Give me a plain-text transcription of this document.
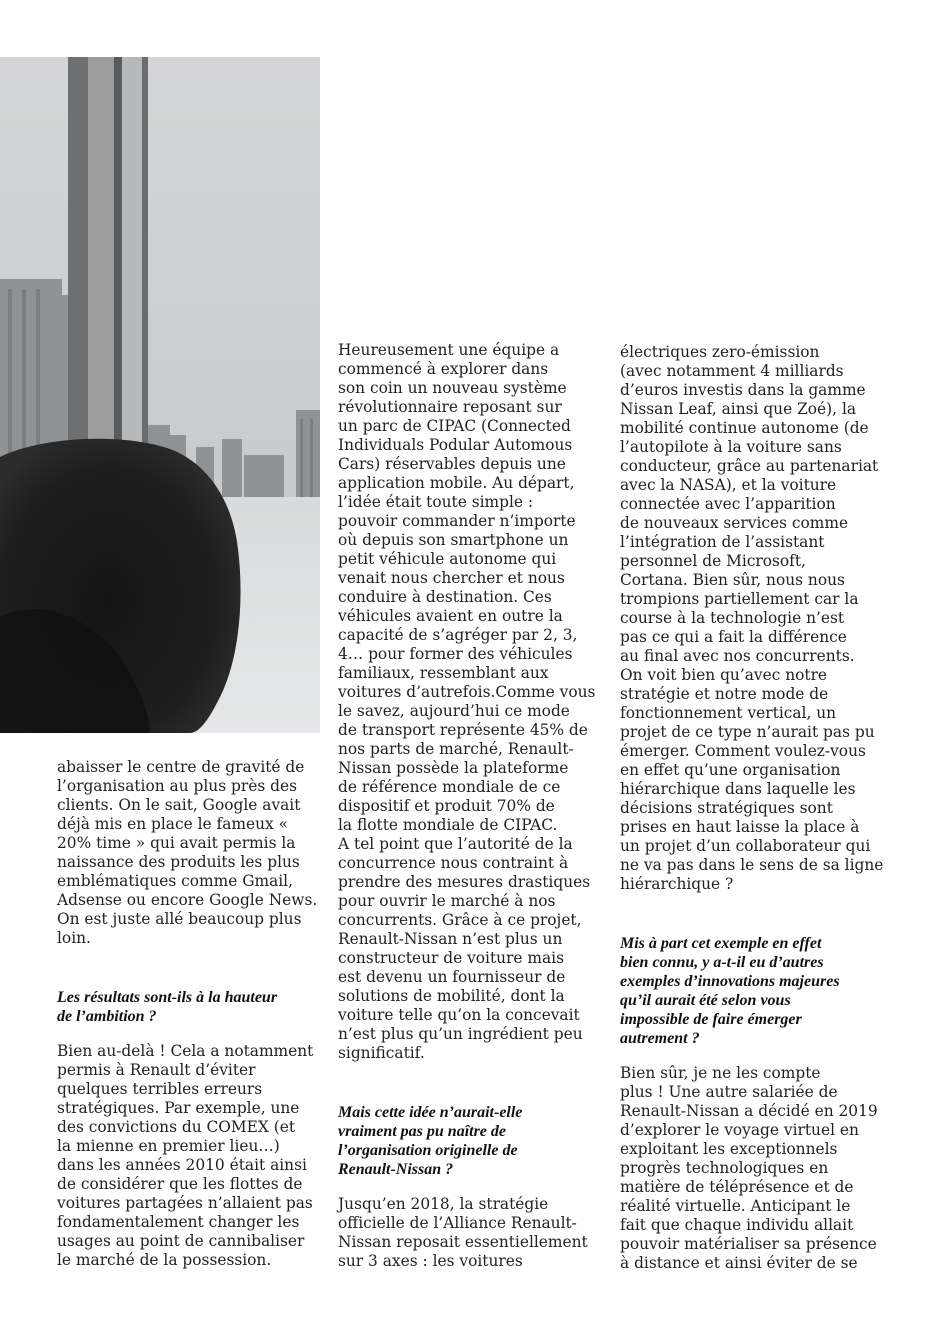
abaisser le centre de gravité de
l’organisation au plus près des
clients. On le sait, Google avait
déjà mis en place le fameux «
20% time » qui avait permis la
naissance des produits les plus
emblématiques comme Gmail,
Adsense ou encore Google News.
On est juste allé beaucoup plus
loin.

Les résultats sont-ils à la hauteur
de l’ambition ?

Bien au-delà ! Cela a notamment
permis à Renault d’éviter
quelques terribles erreurs
stratégiques. Par exemple, une
des convictions du COMEX (et
la mienne en premier lieu…)
dans les années 2010 était ainsi
de considérer que les flottes de
voitures partagées n’allaient pas
fondamentalement changer les
usages au point de cannibaliser
le marché de la possession.

Heureusement une équipe a
commencé à explorer dans
son coin un nouveau système
révolutionnaire reposant sur
un parc de CIPAC (Connected
Individuals Podular Automous
Cars) réservables depuis une
application mobile. Au départ,
l’idée était toute simple :
pouvoir commander n’importe
où depuis son smartphone un
petit véhicule autonome qui
venait nous chercher et nous
conduire à destination. Ces
véhicules avaient en outre la
capacité de s’agréger par 2, 3,
4… pour former des véhicules
familiaux, ressemblant aux
voitures d’autrefois.Comme vous
le savez, aujourd’hui ce mode
de transport représente 45% de
nos parts de marché, Renault-
Nissan possède la plateforme
de référence mondiale de ce
dispositif et produit 70% de
la flotte mondiale de CIPAC.
A tel point que l’autorité de la
concurrence nous contraint à
prendre des mesures drastiques
pour ouvrir le marché à nos
concurrents. Grâce à ce projet,
Renault-Nissan n’est plus un
constructeur de voiture mais
est devenu un fournisseur de
solutions de mobilité, dont la
voiture telle qu’on la concevait
n’est plus qu’un ingrédient peu
significatif.

Mais cette idée n’aurait-elle
vraiment pas pu naître de
l’organisation originelle de
Renault-Nissan ?

Jusqu’en 2018, la stratégie
officielle de l’Alliance Renault-
Nissan reposait essentiellement
sur 3 axes : les voitures

électriques zero-émission
(avec notamment 4 milliards
d’euros investis dans la gamme
Nissan Leaf, ainsi que Zoé), la
mobilité continue autonome (de
l’autopilote à la voiture sans
conducteur, grâce au partenariat
avec la NASA), et la voiture
connectée avec l’apparition
de nouveaux services comme
l’intégration de l’assistant
personnel de Microsoft,
Cortana. Bien sûr, nous nous
trompions partiellement car la
course à la technologie n’est
pas ce qui a fait la différence
au final avec nos concurrents.
On voit bien qu’avec notre
stratégie et notre mode de
fonctionnement vertical, un
projet de ce type n’aurait pas pu
émerger. Comment voulez-vous
en effet qu’une organisation
hiérarchique dans laquelle les
décisions stratégiques sont
prises en haut laisse la place à
un projet d’un collaborateur qui
ne va pas dans le sens de sa ligne
hiérarchique ?

Mis à part cet exemple en effet
bien connu, y a-t-il eu d’autres
exemples d’innovations majeures
qu’il aurait été selon vous
impossible de faire émerger
autrement ?

Bien sûr, je ne les compte
plus ! Une autre salariée de
Renault-Nissan a décidé en 2019
d’explorer le voyage virtuel en
exploitant les exceptionnels
progrès technologiques en
matière de téléprésence et de
réalité virtuelle. Anticipant le
fait que chaque individu allait
pouvoir matérialiser sa présence
à distance et ainsi éviter de se
